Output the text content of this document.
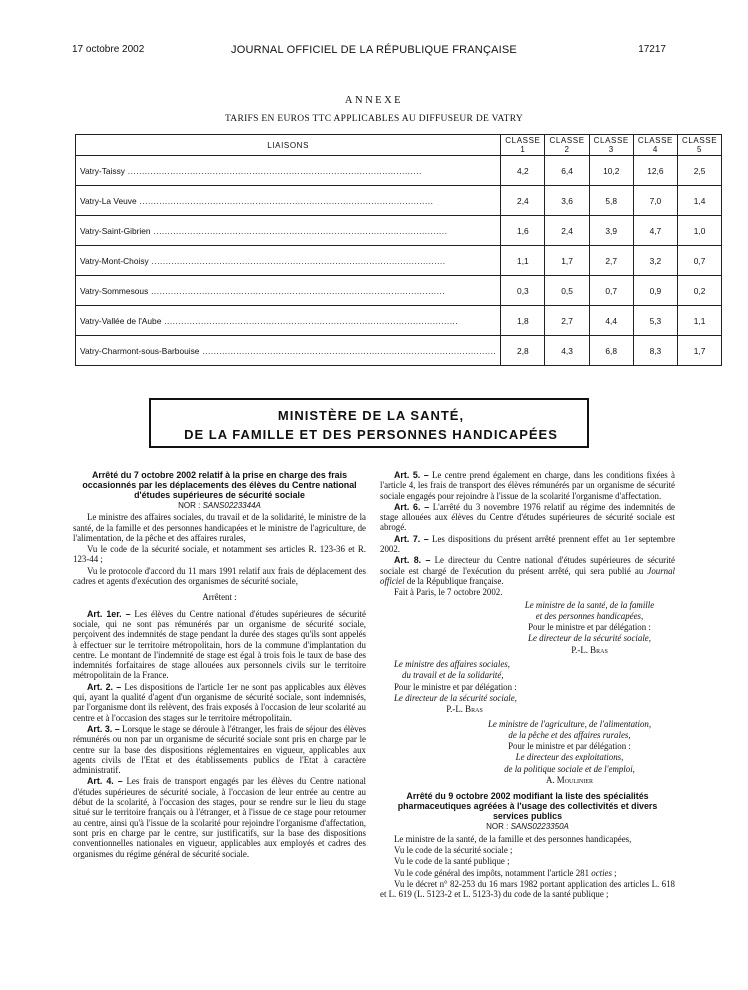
17 octobre 2002	JOURNAL OFFICIEL DE LA RÉPUBLIQUE FRANÇAISE	17217
ANNEXE
TARIFS EN EUROS TTC APPLICABLES AU DIFFUSEUR DE VATRY
LIAISONS	CLASSE 1	CLASSE 2	CLASSE 3	CLASSE 4	CLASSE 5
Vatry-Taissy .....	4,2	6,4	10,2	12,6	2,5
Vatry-La Veuve .....	2,4	3,6	5,8	7,0	1,4
Vatry-Saint-Gibrien .....	1,6	2,4	3,9	4,7	1,0
Vatry-Mont-Choisy .....	1,1	1,7	2,7	3,2	0,7
Vatry-Sommesous .....	0,3	0,5	0,7	0,9	0,2
Vatry-Vallée de l'Aube .....	1,8	2,7	4,4	5,3	1,1
Vatry-Charmont-sous-Barbouise .....	2,8	4,3	6,8	8,3	1,7
MINISTÈRE DE LA SANTÉ,
DE LA FAMILLE ET DES PERSONNES HANDICAPÉES

Arrêté du 7 octobre 2002 relatif à la prise en charge des frais occasionnés par les déplacements des élèves du Centre national d'études supérieures de sécurité sociale

NOR : SANS0223344A

Le ministre des affaires sociales, du travail et de la solidarité, le ministre de la santé, de la famille et des personnes handicapées et le ministre de l'agriculture, de l'alimentation, de la pêche et des affaires rurales,

Vu le code de la sécurité sociale, et notamment ses articles R. 123-36 et R. 123-44 ;

Vu le protocole d'accord du 11 mars 1991 relatif aux frais de déplacement des cadres et agents d'exécution des organismes de sécurité sociale,

Arrêtent :

Art. 1er. – Les élèves du Centre national d'études supérieures de sécurité sociale, qui ne sont pas rémunérés par un organisme de sécurité sociale, perçoivent des indemnités de stage pendant la durée des stages qu'ils sont appelés à effectuer sur le territoire métropolitain, hors de la commune d'implantation du centre. Le montant de l'indemnité de stage est égal à trois fois le taux de base des indemnités forfaitaires de stage allouées aux personnels civils sur le territoire métropolitain de la France.

Art. 2. – Les dispositions de l'article 1er ne sont pas applicables aux élèves qui, ayant la qualité d'agent d'un organisme de sécurité sociale, sont indemnisés, par l'organisme dont ils relèvent, des frais exposés à l'occasion de leur scolarité au centre et à l'occasion des stages sur le territoire métropolitain.

Art. 3. – Lorsque le stage se déroule à l'étranger, les frais de séjour des élèves rémunérés ou non par un organisme de sécurité sociale sont pris en charge par le centre sur la base des dispositions réglementaires en vigueur, applicables aux agents civils de l'Etat et des établissements publics de l'Etat à caractère administratif.

Art. 4. – Les frais de transport engagés par les élèves du Centre national d'études supérieures de sécurité sociale, à l'occasion de leur entrée au centre au début de la scolarité, à l'occasion des stages, pour se rendre sur le lieu du stage situé sur le territoire français ou à l'étranger, et à l'issue de ce stage pour retourner au centre, ainsi qu'à l'issue de la scolarité pour rejoindre l'organisme d'affectation, sont pris en charge par le centre, sur justificatifs, sur la base des dispositions conventionnelles nationales en vigueur, applicables aux employés et cadres des organismes du régime général de sécurité sociale.

Art. 5. – Le centre prend également en charge, dans les conditions fixées à l'article 4, les frais de transport des élèves rémunérés par un organisme de sécurité sociale engagés pour rejoindre à l'issue de la scolarité l'organisme d'affectation.

Art. 6. – L'arrêté du 3 novembre 1976 relatif au régime des indemnités de stage allouées aux élèves du Centre d'études supérieures de sécurité sociale est abrogé.

Art. 7. – Les dispositions du présent arrêté prennent effet au 1er septembre 2002.

Art. 8. – Le directeur du Centre national d'études supérieures de sécurité sociale est chargé de l'exécution du présent arrêté, qui sera publié au Journal officiel de la République française.

Fait à Paris, le 7 octobre 2002.

Le ministre de la santé, de la famille

et des personnes handicapées,

Pour le ministre et par délégation :

Le directeur de la sécurité sociale,

P.-L. Bras

Le ministre des affaires sociales,

du travail et de la solidarité,

Pour le ministre et par délégation :

Le directeur de la sécurité sociale,

P.-L. Bras

Le ministre de l'agriculture, de l'alimentation,

de la pêche et des affaires rurales,

Pour le ministre et par délégation :

Le directeur des exploitations,

de la politique sociale et de l'emploi,

A. Moulinier

Arrêté du 9 octobre 2002 modifiant la liste des spécialités pharmaceutiques agréées à l'usage des collectivités et divers services publics

NOR : SANS0223350A

Le ministre de la santé, de la famille et des personnes handicapées,

Vu le code de la sécurité sociale ;

Vu le code de la santé publique ;

Vu le code général des impôts, notamment l'article 281 octies ;

Vu le décret n° 82-253 du 16 mars 1982 portant application des articles L. 618 et L. 619 (L. 5123-2 et L. 5123-3) du code de la santé publique ;
